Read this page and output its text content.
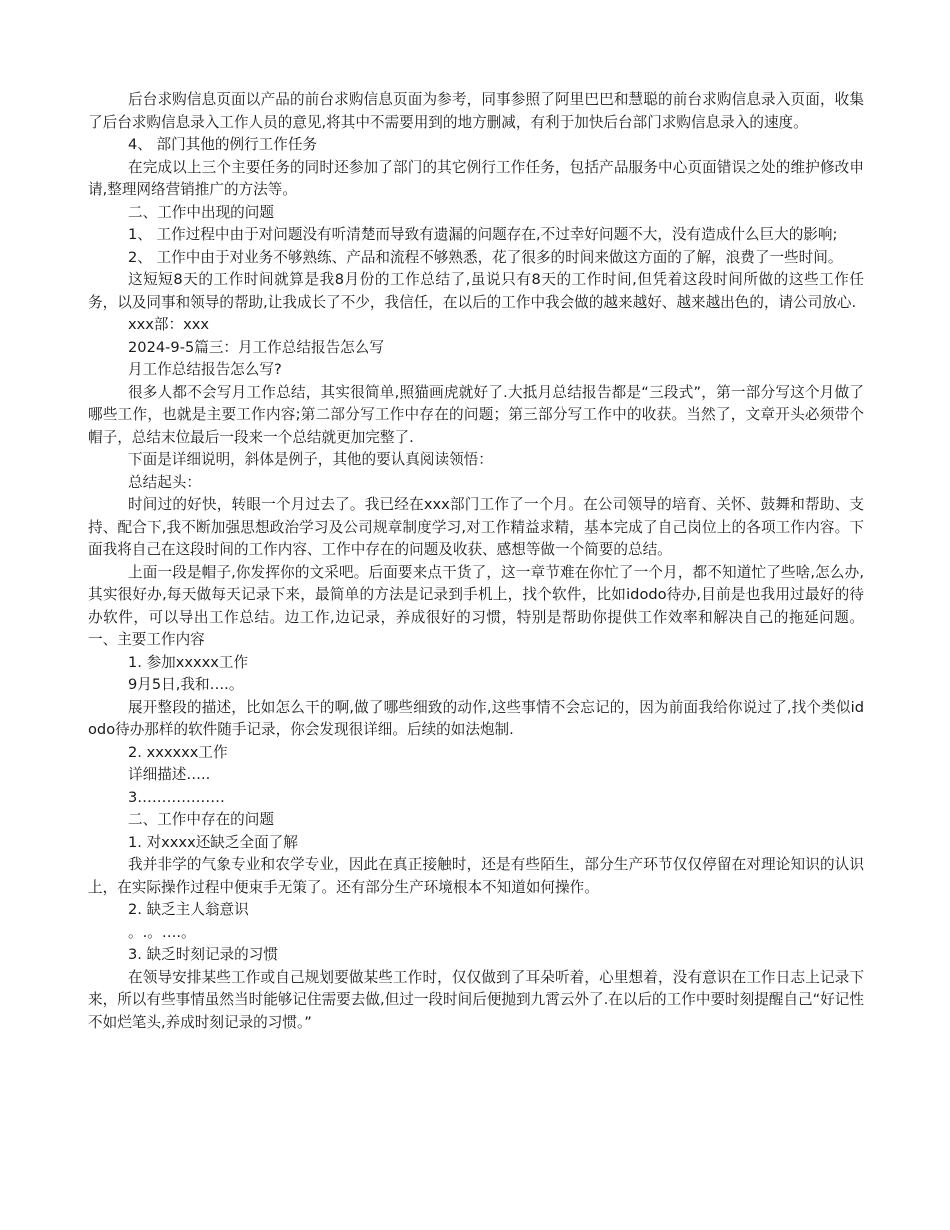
后台求购信息页面以产品的前台求购信息页面为参考，同事参照了阿里巴巴和慧聪的前台求购信息录入页面，收集了后台求购信息录入工作人员的意见,将其中不需要用到的地方删减，有利于加快后台部门求购信息录入的速度。

4、 部门其他的例行工作任务

在完成以上三个主要任务的同时还参加了部门的其它例行工作任务，包括产品服务中心页面错误之处的维护修改申请,整理网络营销推广的方法等。

二、工作中出现的问题

1、 工作过程中由于对问题没有听清楚而导致有遗漏的问题存在,不过幸好问题不大，没有造成什么巨大的影响;

2、 工作中由于对业务不够熟练、产品和流程不够熟悉，花了很多的时间来做这方面的了解，浪费了一些时间。

这短短8天的工作时间就算是我8月份的工作总结了,虽说只有8天的工作时间,但凭着这段时间所做的这些工作任务，以及同事和领导的帮助,让我成长了不少，我信任，在以后的工作中我会做的越来越好、越来越出色的，请公司放心.

xxx部：xxx

2024-9-5篇三：月工作总结报告怎么写

月工作总结报告怎么写?

很多人都不会写月工作总结，其实很简单,照猫画虎就好了.大抵月总结报告都是“三段式”，第一部分写这个月做了哪些工作，也就是主要工作内容;第二部分写工作中存在的问题；第三部分写工作中的收获。当然了，文章开头必须带个帽子，总结末位最后一段来一个总结就更加完整了.

下面是详细说明，斜体是例子，其他的要认真阅读领悟：

总结起头：

时间过的好快，转眼一个月过去了。我已经在xxx部门工作了一个月。在公司领导的培育、关怀、鼓舞和帮助、支持、配合下,我不断加强思想政治学习及公司规章制度学习,对工作精益求精，基本完成了自己岗位上的各项工作内容。下面我将自己在这段时间的工作内容、工作中存在的问题及收获、感想等做一个简要的总结。

上面一段是帽子,你发挥你的文采吧。后面要来点干货了，这一章节难在你忙了一个月，都不知道忙了些啥,怎么办,其实很好办,每天做每天记录下来，最简单的方法是记录到手机上，找个软件，比如idodo待办,目前是也我用过最好的待办软件，可以导出工作总结。边工作,边记录，养成很好的习惯，特别是帮助你提供工作效率和解决自己的拖延问题。 一、主要工作内容

1. 参加xxxxx工作

9月5日,我和….。

展开整段的描述，比如怎么干的啊,做了哪些细致的动作,这些事情不会忘记的，因为前面我给你说过了,找个类似idodo待办那样的软件随手记录，你会发现很详细。后续的如法炮制.

2. xxxxxx工作

详细描述…..

3………………

二、工作中存在的问题

1. 对xxxx还缺乏全面了解

我并非学的气象专业和农学专业，因此在真正接触时，还是有些陌生，部分生产环节仅仅停留在对理论知识的认识上，在实际操作过程中便束手无策了。还有部分生产环境根本不知道如何操作。

2. 缺乏主人翁意识

。.。….。

3. 缺乏时刻记录的习惯

在领导安排某些工作或自己规划要做某些工作时，仅仅做到了耳朵听着，心里想着，没有意识在工作日志上记录下来，所以有些事情虽然当时能够记住需要去做,但过一段时间后便抛到九霄云外了.在以后的工作中要时刻提醒自己“好记性不如烂笔头,养成时刻记录的习惯。”
